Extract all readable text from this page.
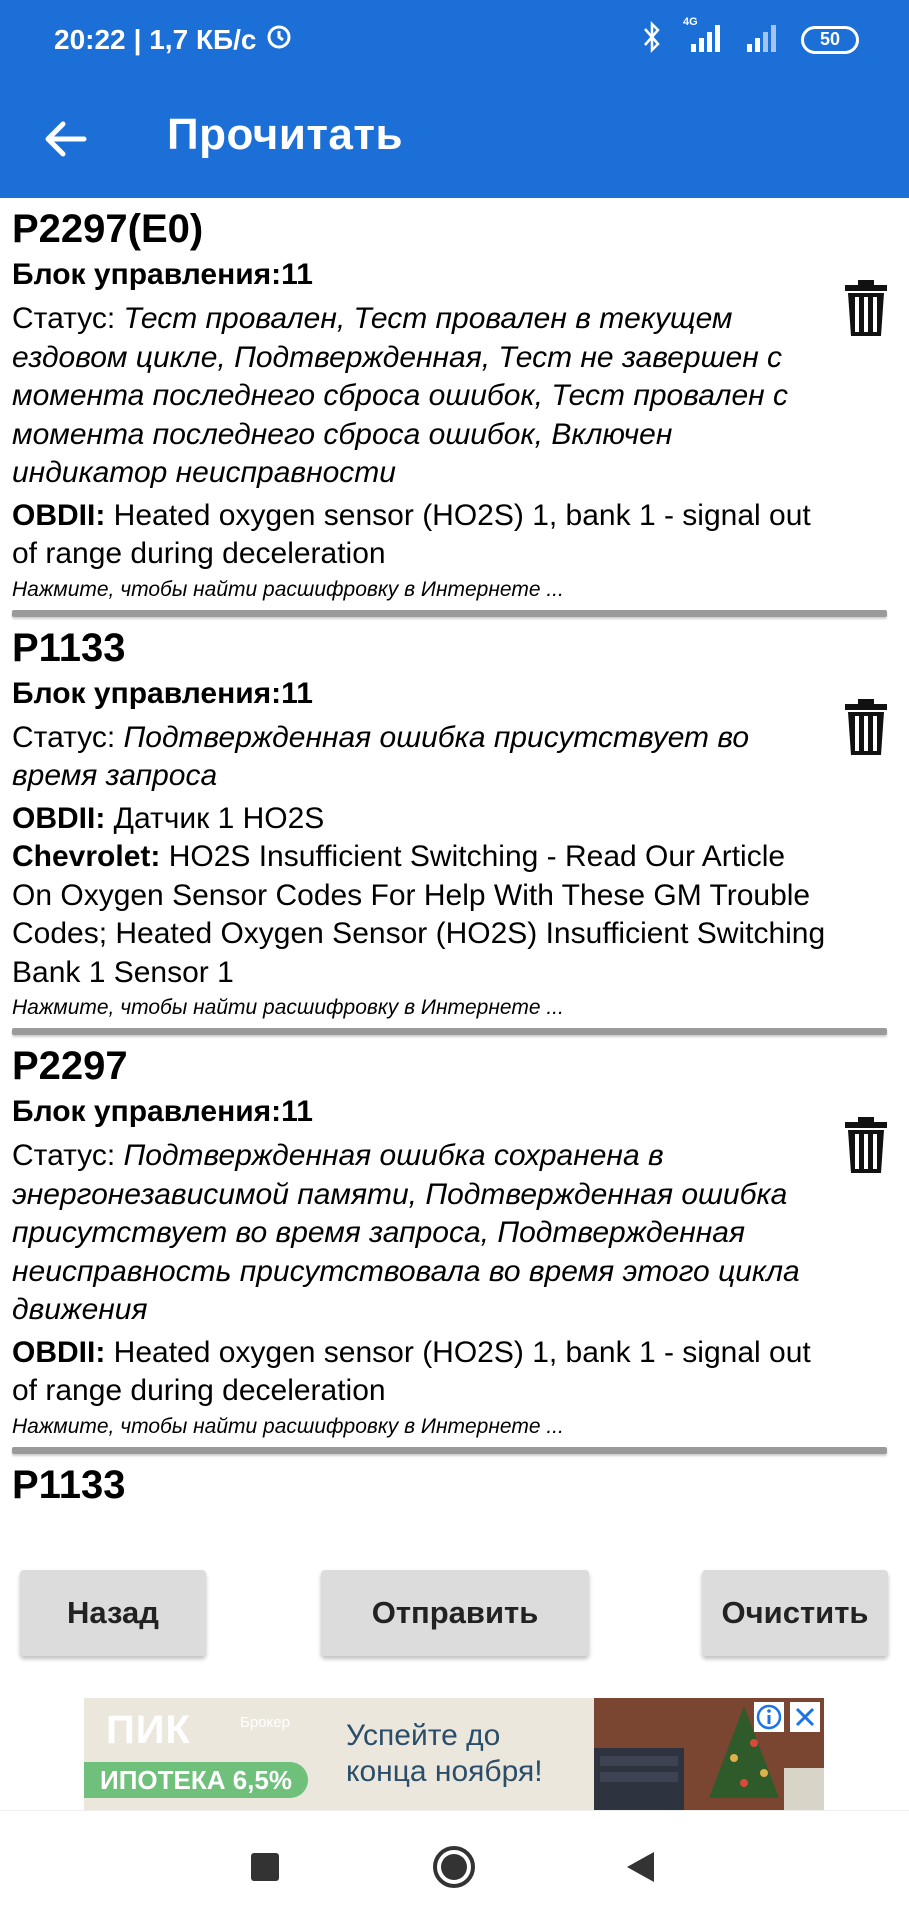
20:22 | 1,7 КБ/с
4G
50
Прочитать
P2297(E0)
Блок управления:11
Статус: Тест провален, Тест провален в текущем ездовом цикле, Подтвержденная, Тест не завершен с момента последнего сброса ошибок, Тест провален с момента последнего сброса ошибок, Включен индикатор неисправности
OBDII: Heated oxygen sensor (HO2S) 1, bank 1 - signal out of range during deceleration
Нажмите, чтобы найти расшифровку в Интернете ...
P1133
Блок управления:11
Статус: Подтвержденная ошибка присутствует во время запроса
OBDII: Датчик 1 HO2S
Chevrolet: HO2S Insufficient Switching - Read Our Article On Oxygen Sensor Codes For Help With These GM Trouble Codes; Heated Oxygen Sensor (HO2S) Insufficient Switching Bank 1 Sensor 1
Нажмите, чтобы найти расшифровку в Интернете ...
P2297
Блок управления:11
Статус: Подтвержденная ошибка сохранена в энергонезависимой памяти, Подтвержденная ошибка присутствует во время запроса, Подтвержденная неисправность присутствовала во время этого цикла движения
OBDII: Heated oxygen sensor (HO2S) 1, bank 1 - signal out of range during deceleration
Нажмите, чтобы найти расшифровку в Интернете ...
P1133
Назад	Отправить	Очистить
ПИК	Брокер
ИПОТЕКА 6,5%
Успейте до
конца ноября!
